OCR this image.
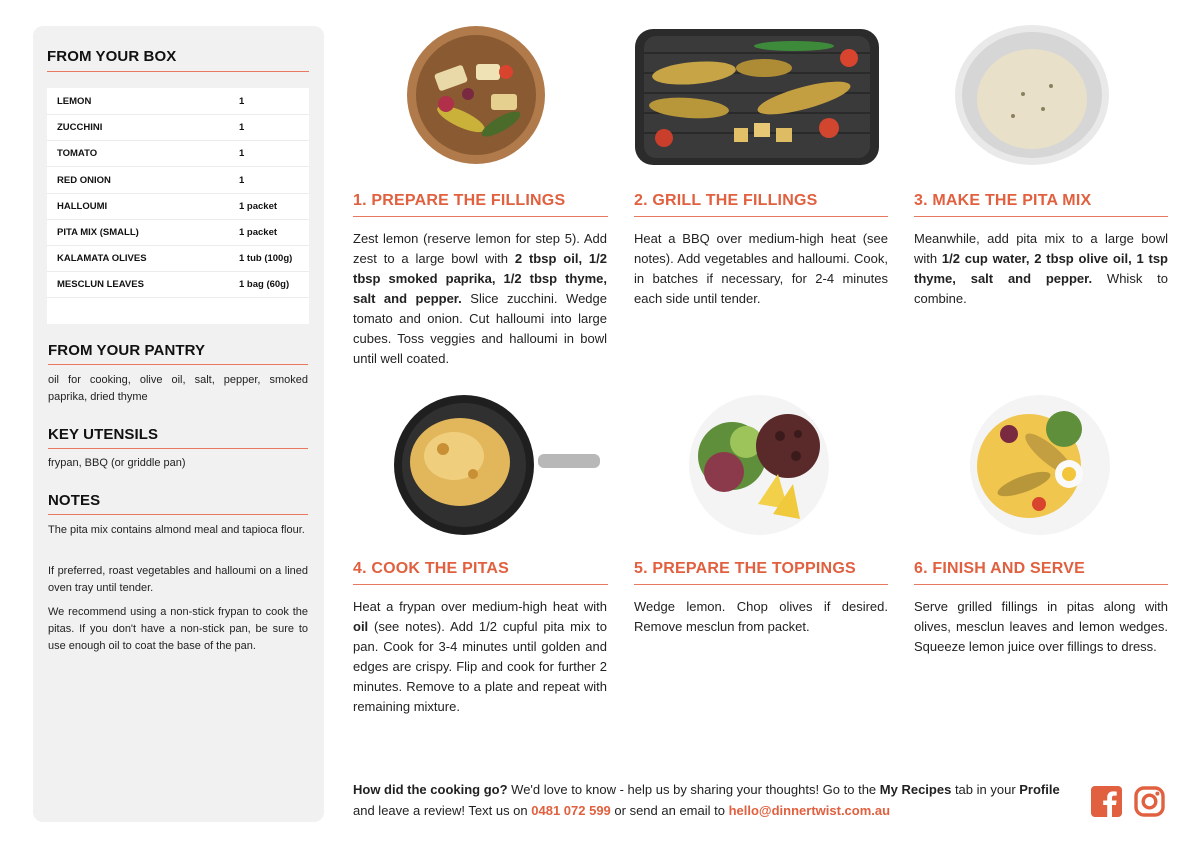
FROM YOUR BOX
LEMON	1
ZUCCHINI	1
TOMATO	1
RED ONION	1
HALLOUMI	1 packet
PITA MIX (SMALL)	1 packet
KALAMATA OLIVES	1 tub (100g)
MESCLUN LEAVES	1 bag (60g)
FROM YOUR PANTRY
oil for cooking, olive oil, salt, pepper, smoked paprika, dried thyme
KEY UTENSILS
frypan, BBQ (or griddle pan)
NOTES
The pita mix contains almond meal and tapioca flour.
If preferred, roast vegetables and halloumi on a lined oven tray until tender.
We recommend using a non-stick frypan to cook the pitas. If you don't have a non-stick pan, be sure to use enough oil to coat the base of the pan.
1. PREPARE THE FILLINGS
Zest lemon (reserve lemon for step 5). Add zest to a large bowl with 2 tbsp oil, 1/2 tbsp smoked paprika, 1/2 tbsp thyme, salt and pepper. Slice zucchini. Wedge tomato and onion. Cut halloumi into large cubes. Toss veggies and halloumi in bowl until well coated.
2. GRILL THE FILLINGS
Heat a BBQ over medium-high heat (see notes). Add vegetables and halloumi. Cook, in batches if necessary, for 2-4 minutes each side until tender.
3. MAKE THE PITA MIX
Meanwhile, add pita mix to a large bowl with 1/2 cup water, 2 tbsp olive oil, 1 tsp thyme, salt and pepper. Whisk to combine.
4. COOK THE PITAS
Heat a frypan over medium-high heat with oil (see notes). Add 1/2 cupful pita mix to pan. Cook for 3-4 minutes until golden and edges are crispy. Flip and cook for further 2 minutes. Remove to a plate and repeat with remaining mixture.
5. PREPARE THE TOPPINGS
Wedge lemon. Chop olives if desired. Remove mesclun from packet.
6. FINISH AND SERVE
Serve grilled fillings in pitas along with olives, mesclun leaves and lemon wedges. Squeeze lemon juice over fillings to dress.
How did the cooking go? We'd love to know - help us by sharing your thoughts! Go to the My Recipes tab in your Profile and leave a review! Text us on 0481 072 599 or send an email to hello@dinnertwist.com.au
